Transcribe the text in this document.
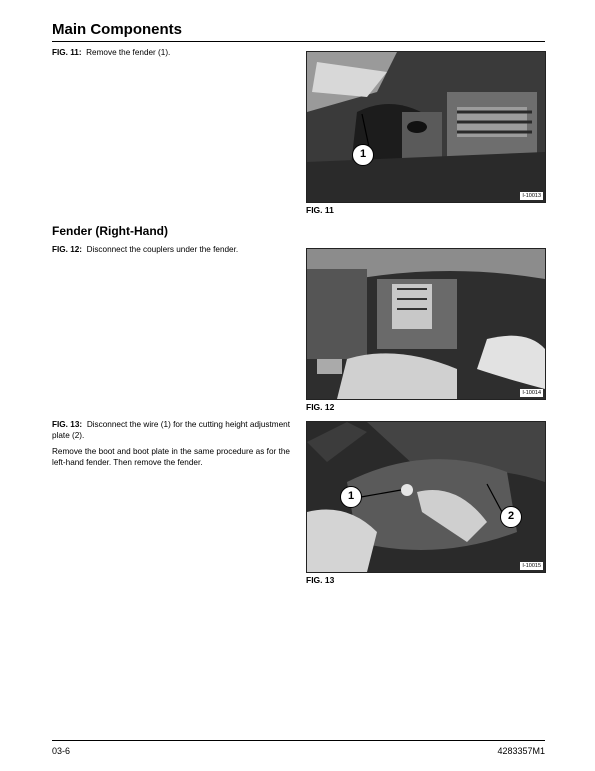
Main Components

FIG. 11: Remove the fender (1).

1
I-10013

FIG. 11

Fender (Right-Hand)

FIG. 12: Disconnect the couplers under the fender.

I-10014

FIG. 12

FIG. 13: Disconnect the wire (1) for the cutting height adjustment plate (2).

Remove the boot and boot plate in the same procedure as for the left-hand fender. Then remove the fender.

1
2
I-10015

FIG. 13

03-6	4283357M1
